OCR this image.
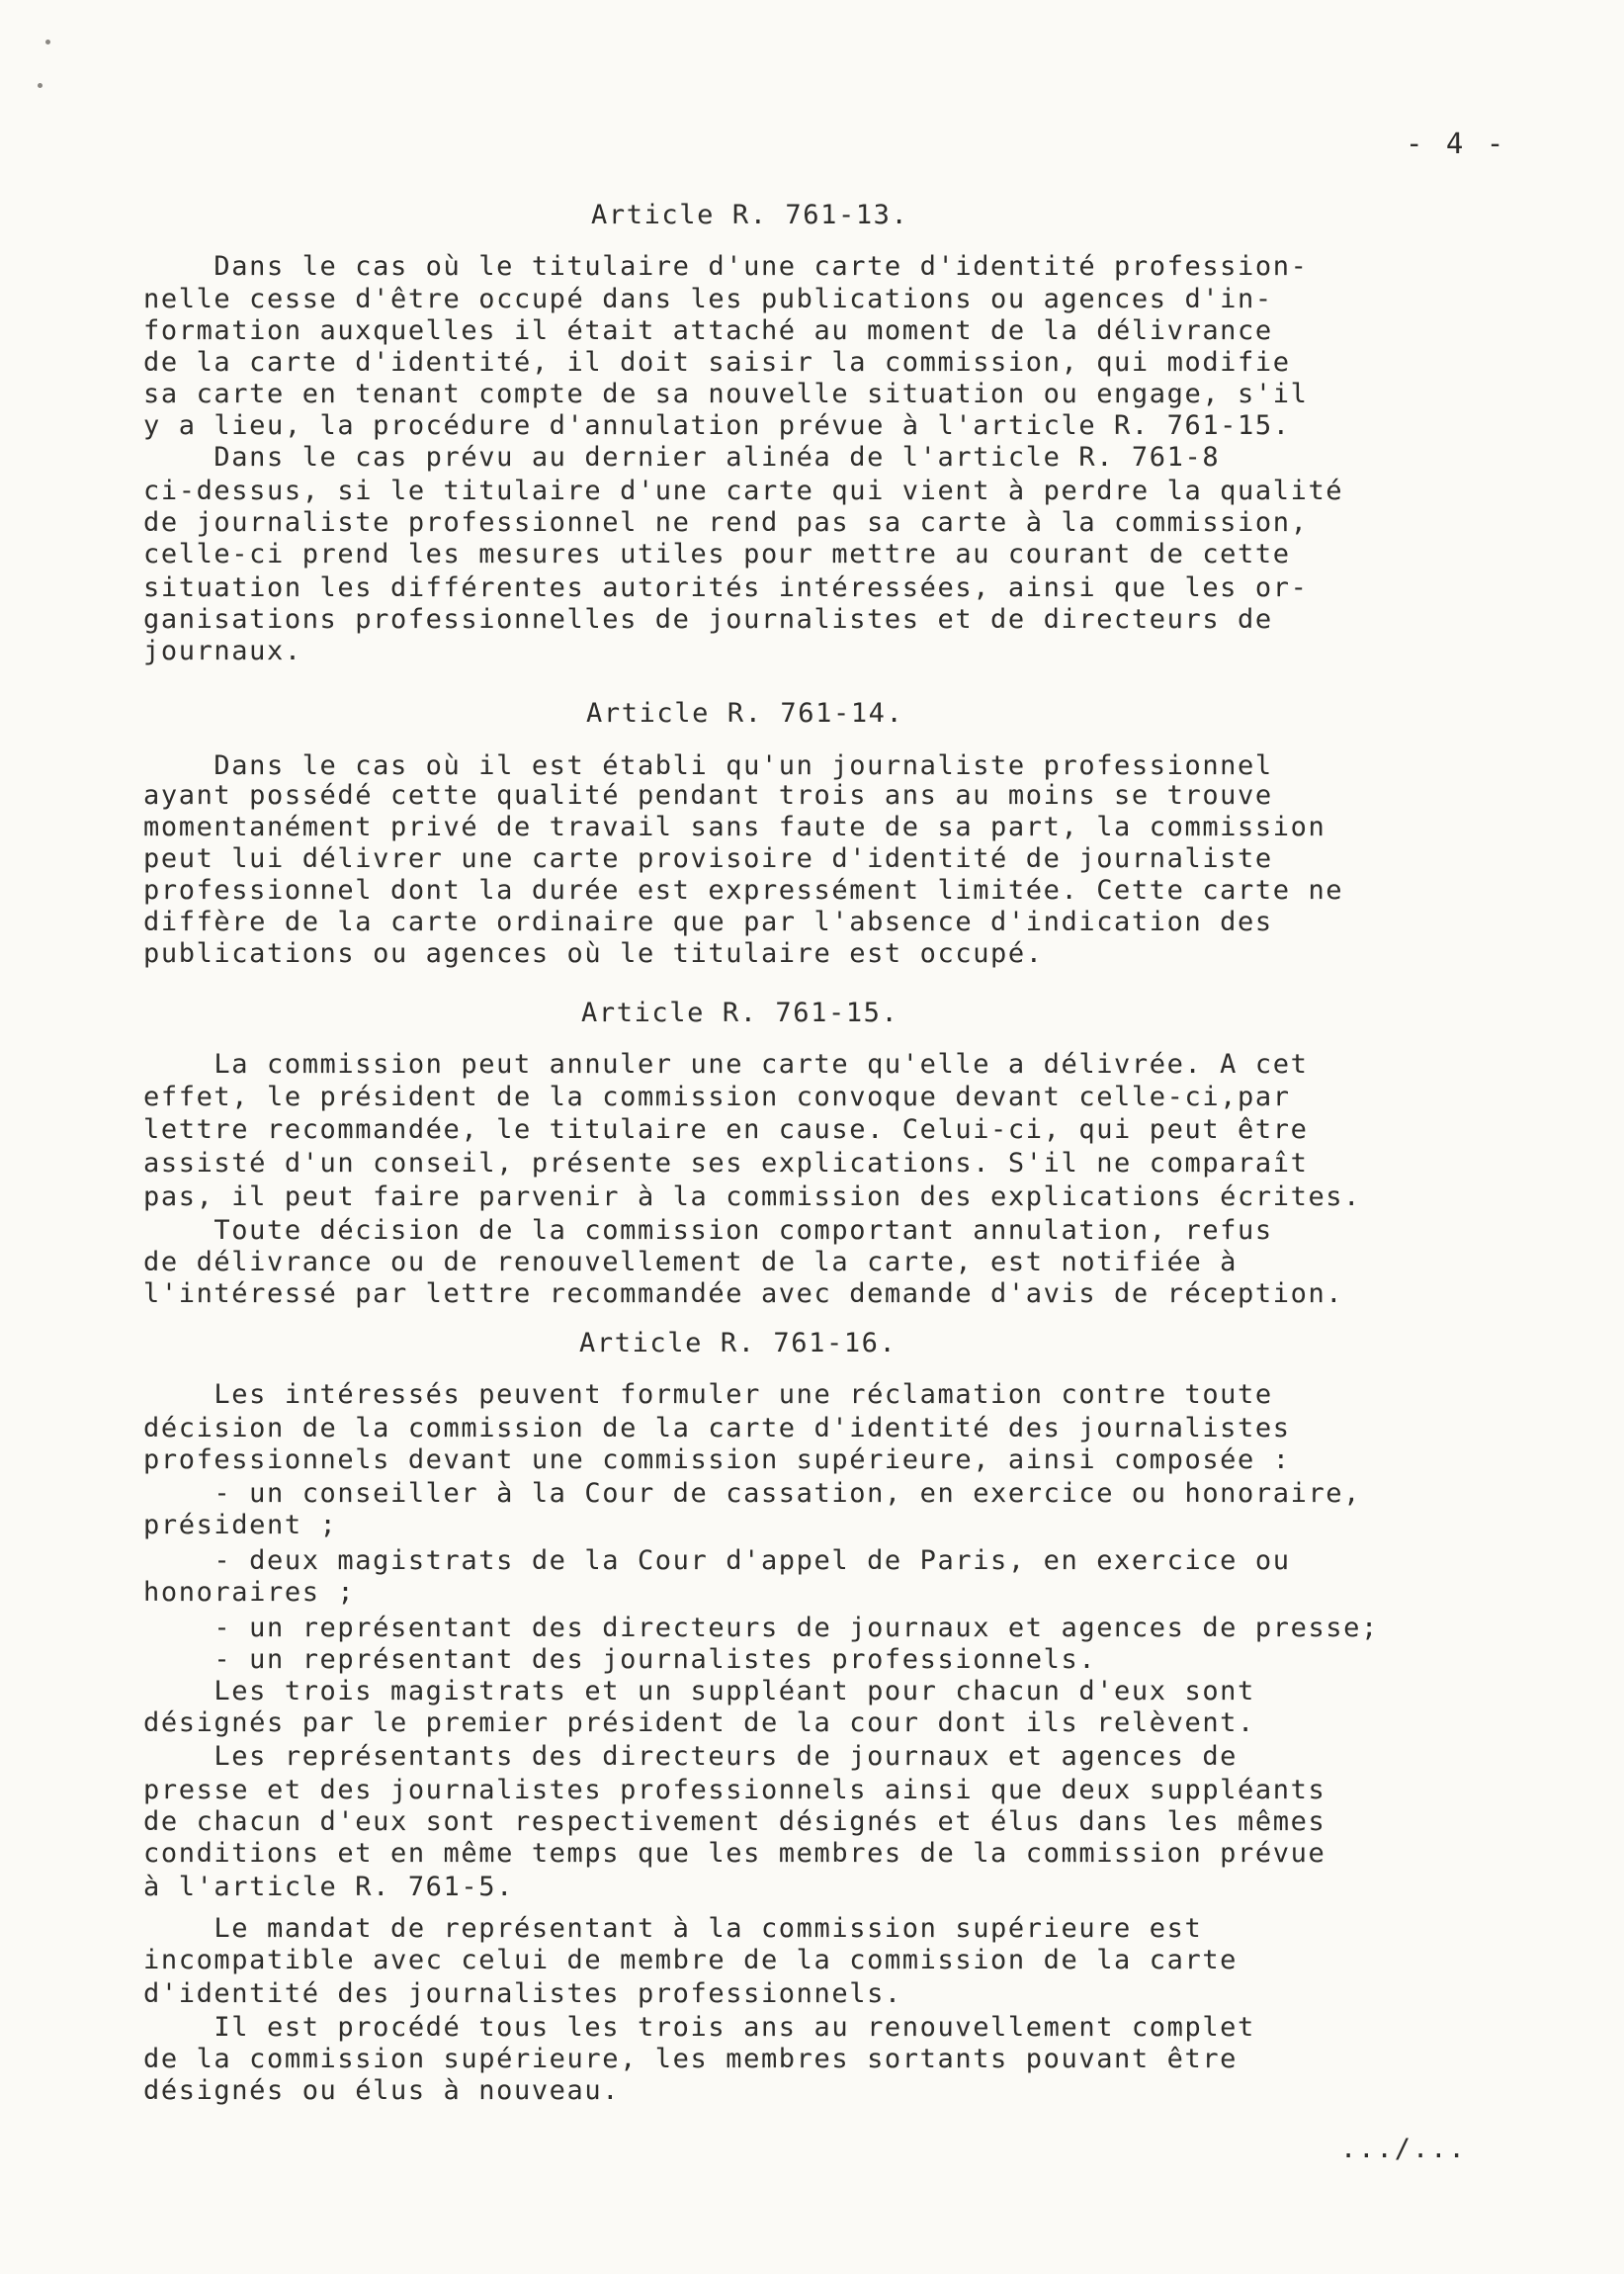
- 4 -
Article R. 761-13.
Dans le cas où le titulaire d'une carte d'identité profession-
nelle cesse d'être occupé dans les publications ou agences d'in-
formation auxquelles il était attaché au moment de la délivrance
de la carte d'identité, il doit saisir la commission, qui modifie
sa carte en tenant compte de sa nouvelle situation ou engage, s'il
y a lieu, la procédure d'annulation prévue à l'article R. 761-15.
Dans le cas prévu au dernier alinéa de l'article R. 761-8
ci-dessus, si le titulaire d'une carte qui vient à perdre la qualité
de journaliste professionnel ne rend pas sa carte à la commission,
celle-ci prend les mesures utiles pour mettre au courant de cette
situation les différentes autorités intéressées, ainsi que les or-
ganisations professionnelles de journalistes et de directeurs de
journaux.
Article R. 761-14.
Dans le cas où il est établi qu'un journaliste professionnel
ayant possédé cette qualité pendant trois ans au moins se trouve
momentanément privé de travail sans faute de sa part, la commission
peut lui délivrer une carte provisoire d'identité de journaliste
professionnel dont la durée est expressément limitée. Cette carte ne
diffère de la carte ordinaire que par l'absence d'indication des
publications ou agences où le titulaire est occupé.
Article R. 761-15.
La commission peut annuler une carte qu'elle a délivrée. A cet
effet, le président de la commission convoque devant celle-ci,par
lettre recommandée, le titulaire en cause. Celui-ci, qui peut être
assisté d'un conseil, présente ses explications. S'il ne comparaît
pas, il peut faire parvenir à la commission des explications écrites.
Toute décision de la commission comportant annulation, refus
de délivrance ou de renouvellement de la carte, est notifiée à
l'intéressé par lettre recommandée avec demande d'avis de réception.
Article R. 761-16.
Les intéressés peuvent formuler une réclamation contre toute
décision de la commission de la carte d'identité des journalistes
professionnels devant une commission supérieure, ainsi composée :
- un conseiller à la Cour de cassation, en exercice ou honoraire,
président ;
- deux magistrats de la Cour d'appel de Paris, en exercice ou
honoraires ;
- un représentant des directeurs de journaux et agences de presse;
- un représentant des journalistes professionnels.
Les trois magistrats et un suppléant pour chacun d'eux sont
désignés par le premier président de la cour dont ils relèvent.
Les représentants des directeurs de journaux et agences de
presse et des journalistes professionnels ainsi que deux suppléants
de chacun d'eux sont respectivement désignés et élus dans les mêmes
conditions et en même temps que les membres de la commission prévue
à l'article R. 761-5.
Le mandat de représentant à la commission supérieure est
incompatible avec celui de membre de la commission de la carte
d'identité des journalistes professionnels.
Il est procédé tous les trois ans au renouvellement complet
de la commission supérieure, les membres sortants pouvant être
désignés ou élus à nouveau.
.../...
